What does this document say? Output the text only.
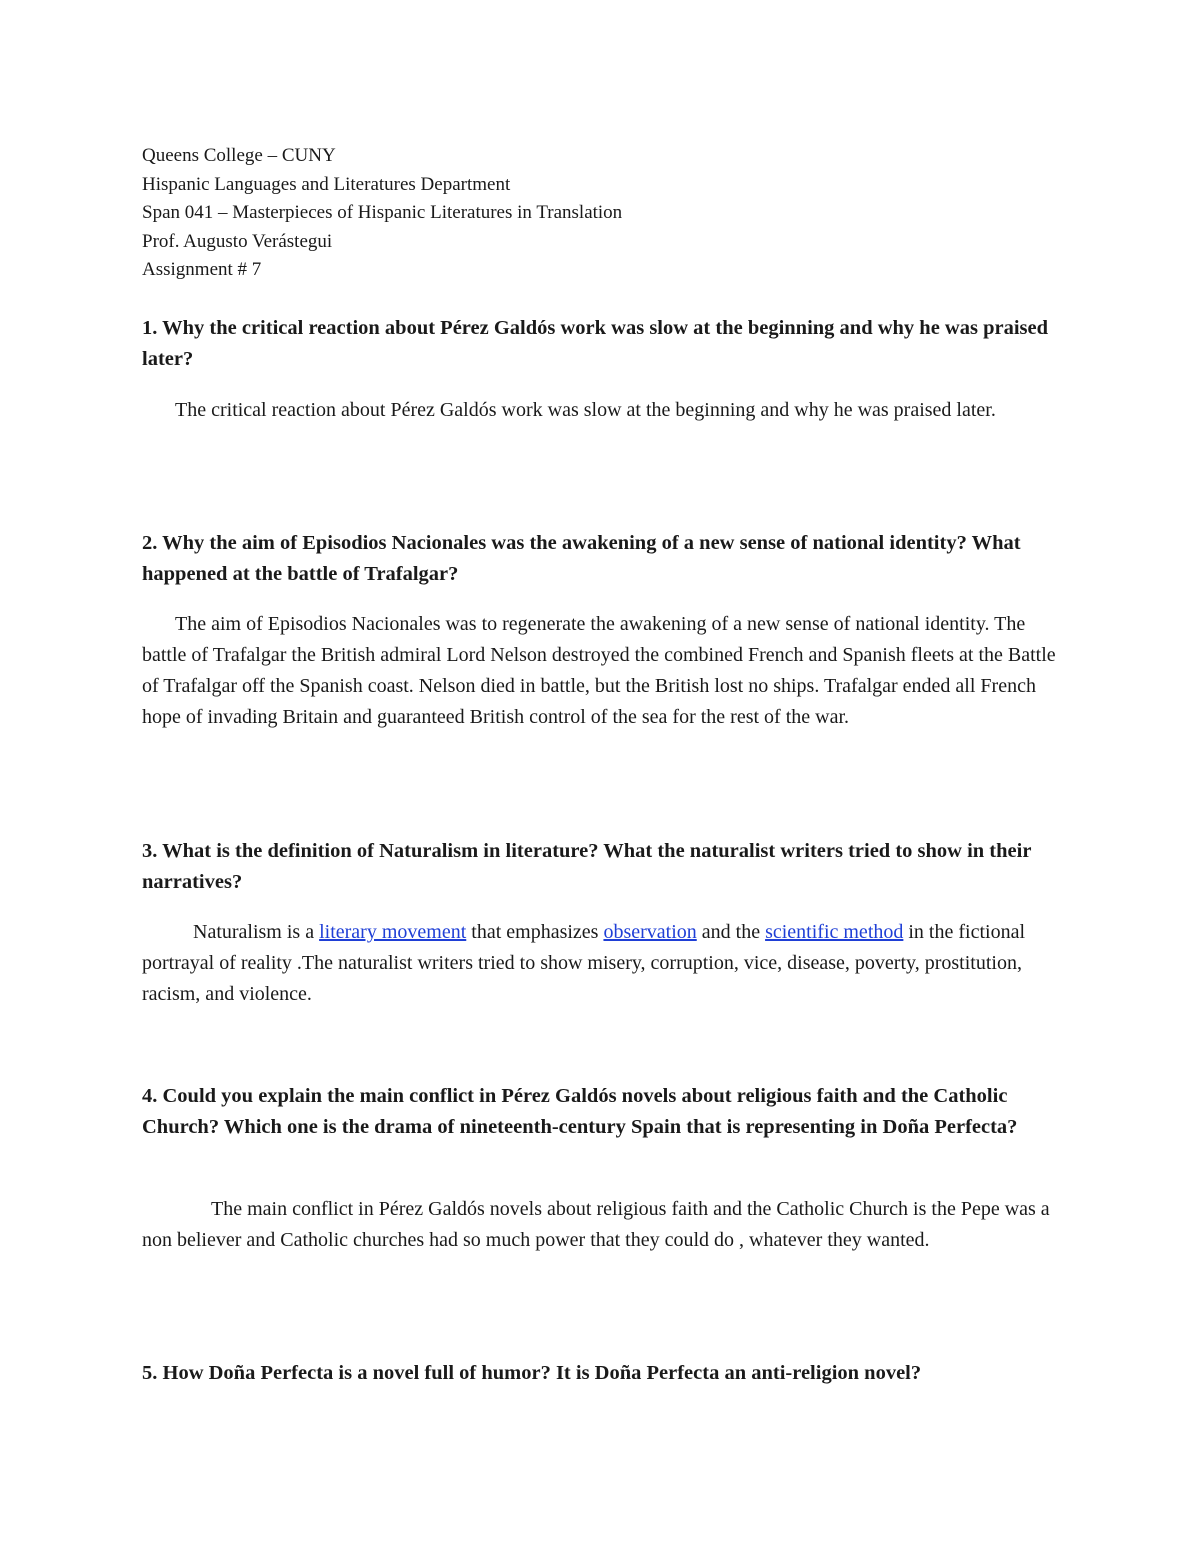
Queens College – CUNY
Hispanic Languages and Literatures Department
Span 041 – Masterpieces of Hispanic Literatures in Translation
Prof. Augusto Verástegui
Assignment # 7
1. Why the critical reaction about Pérez Galdós work was slow at the beginning and why he was praised later?
The critical reaction about Pérez Galdós work was slow at the beginning and why he was praised later.
2. Why the aim of Episodios Nacionales was the awakening of a new sense of national identity? What happened at the battle of Trafalgar?
The aim of Episodios Nacionales was to regenerate the awakening of a new sense of national identity. The battle of Trafalgar the British admiral Lord Nelson destroyed the combined French and Spanish fleets at the Battle of Trafalgar off the Spanish coast. Nelson died in battle, but the British lost no ships. Trafalgar ended all French hope of invading Britain and guaranteed British control of the sea for the rest of the war.
3. What is the definition of Naturalism in literature? What the naturalist writers tried to show in their narratives?
Naturalism is a literary movement that emphasizes observation and the scientific method in the fictional portrayal of reality .The naturalist writers tried to show misery, corruption, vice, disease, poverty, prostitution, racism, and violence.
4. Could you explain the main conflict in Pérez Galdós novels about religious faith and the Catholic Church? Which one is the drama of nineteenth-century Spain that is representing in Doña Perfecta?
The main conflict in Pérez Galdós novels about religious faith and the Catholic Church is the Pepe was a non believer and Catholic churches had so much power that they could do , whatever they wanted.
5. How Doña Perfecta is a novel full of humor? It is Doña Perfecta an anti-religion novel?
